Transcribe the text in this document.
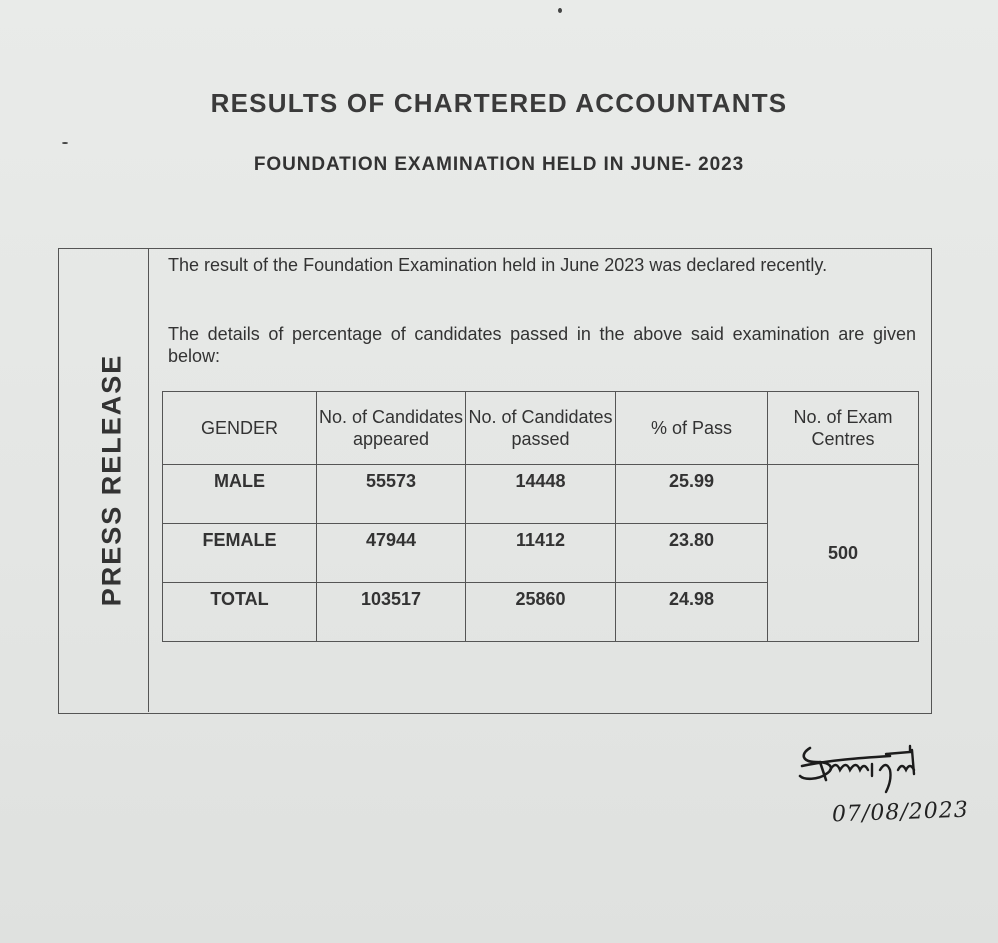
RESULTS OF CHARTERED ACCOUNTANTS
FOUNDATION EXAMINATION HELD IN JUNE- 2023
PRESS RELEASE
The result of the Foundation Examination held in June 2023 was declared recently.
The details of percentage of candidates passed in the above said examination are given below:
GENDER	No. of Candidates appeared	No. of Candidates passed	% of Pass	No. of Exam Centres
MALE	55573	14448	25.99	500
FEMALE	47944	11412	23.80	
TOTAL	103517	25860	24.98	
07/08/2023
